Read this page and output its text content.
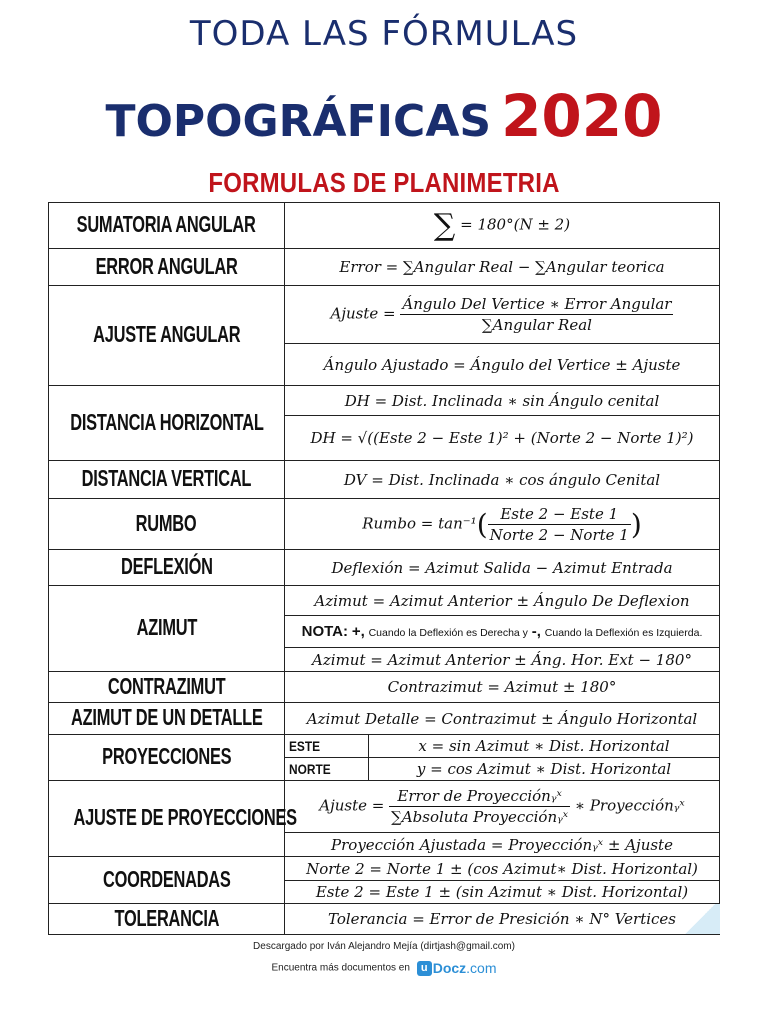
TODA LAS FÓRMULAS
TOPOGRÁFICAS 2020
FORMULAS DE PLANIMETRIA
SUMATORIA ANGULAR	∑ = 180°(N ± 2)	
ERROR ANGULAR	Error = ∑Angular Real − ∑Angular teorica	
AJUSTE ANGULAR	Ajuste = $\frac{\text{Ángulo Del Vertice ∗ Error Angular}}{\text{∑Angular Real}}$

	Ángulo Ajustado = Ángulo del Vertice ± Ajuste	
DISTANCIA HORIZONTAL	DH = Dist. Inclinada ∗ sin Ángulo cenital	
	DH = √((Este 2 − Este 1)² + (Norte 2 − Norte 1)²)	
DISTANCIA VERTICAL	DV = Dist. Inclinada ∗ cos ángulo Cenital	
RUMBO	Rumbo = $\tan^{-1}( \frac{\text{Este 2 − Este 1}}{\text{Norte 2 − Norte 1}}$ )	
DEFLEXIÓN	Deflexión = Azimut Salida − Azimut Entrada	
AZIMUT	Azimut = Azimut Anterior ± Ángulo De Deflexion	
	NOTA: +, Cuando la Deflexión es Derecha y -, Cuando la Deflexión es Izquierda.	
	Azimut = Azimut Anterior ± Áng. Hor. Ext − 180°	
CONTRAZIMUT	Contrazimut = Azimut ± 180°	
AZIMUT DE UN DETALLE	Azimut Detalle = Contrazimut ± Ángulo Horizontal	
PROYECCIONES	ESTE	x = sin Azimut ∗ Dist. Horizontal
	NORTE	y = cos Azimut ∗ Dist. Horizontal
AJUSTE DE PROYECCIONES	Ajuste = $\frac{\text{Error de Proyecciónᵧˣ}}{\text{∑Absoluta Proyecciónᵧˣ}}$ ∗ Proyecciónᵧˣ	
	Proyección Ajustada = Proyecciónᵧˣ ± Ajuste	
COORDENADAS	Norte 2 = Norte 1 ± (cos Azimut∗ Dist. Horizontal)	
	Este 2 = Este 1 ± (sin Azimut ∗ Dist. Horizontal)	
TOLERANCIA	Tolerancia = Error de Presición ∗ N° Vertices	
Descargado por Iván Alejandro Mejía (dirtjash@gmail.com)
Encuentra más documentos en u Docz.com
